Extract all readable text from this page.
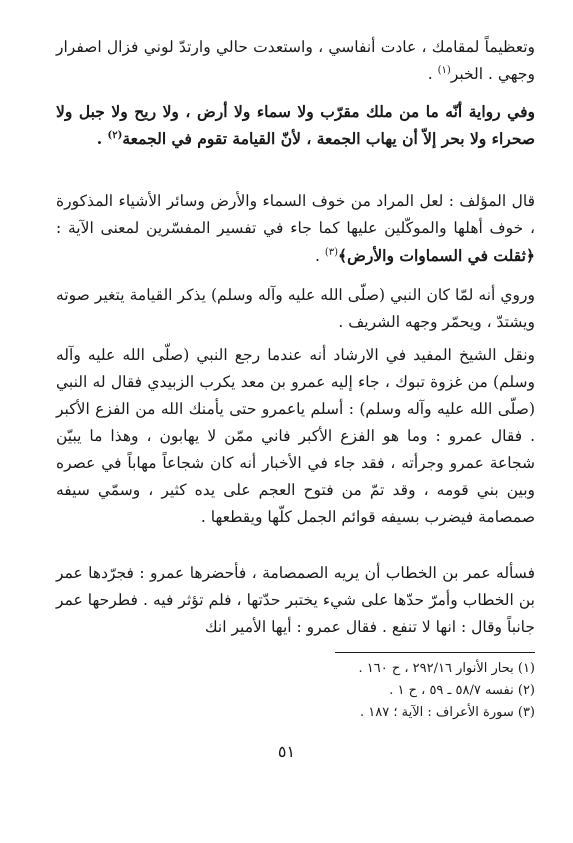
وتعظيماً لمقامك ، عادت أنفاسي ، واستعدت حالي وارتدّ لوني فزال اصفرار وجهي . الخبر$^{(١)}$ .

وفي رواية أنّه ما من ملك مقرّب ولا سماء ولا أرض ، ولا ريح ولا جبل ولا صحراء ولا بحر إلاّ أن يهاب الجمعة ، لأنّ القيامة تقوم في الجمعة$^{(٢)}$ .

قال المؤلف : لعل المراد من خوف السماء والأرض وسائر الأشياء المذكورة ، خوف أهلها والموكّلين عليها كما جاء في تفسير المفسّرين لمعنى الآية : ﴿ثقلت في السماوات والأرض﴾$^{(٣)}$ .

وروي أنه لمّا كان النبي (صلّى الله عليه وآله وسلم) يذكر القيامة يتغير صوته ويشتدّ ، ويحمّر وجهه الشريف .

ونقل الشيخ المفيد في الارشاد أنه عندما رجع النبي (صلّى الله عليه وآله وسلم) من غزوة تبوك ، جاء إليه عمرو بن معد يكرب الزبيدي فقال له النبي (صلّى الله عليه وآله وسلم) : أسلم ياعمرو حتى يأمنك الله من الفزع الأكبر . فقال عمرو : وما هو الفزع الأكبر فاني ممّن لا يهابون ، وهذا ما يبيّن شجاعة عمرو وجرأته ، فقد جاء في الأخبار أنه كان شجاعاً مهاباً في عصره وبين بني قومه ، وقد تمّ من فتوح العجم على يده كثير ، وسمّي سيفه صمصامة فيضرب بسيفه قوائم الجمل كلّها ويقطعها .

فسأله عمر بن الخطاب أن يريه الصمصامة ، فأحضرها عمرو : فجرّدها عمر بن الخطاب وأمرّ حدّها على شيء يختبر حدّتها ، فلم تؤثر فيه . فطرحها عمر جانباً وقال : انها لا تنفع . فقال عمرو : أيها الأمير انك

(١) بحار الأنوار ٢٩٢/١٦ ، ح ١٦٠ .
(٢) نفسه ٥٨/٧ ـ ٥٩ ، ح ١ .
(٣) سورة الأعراف : الآية ؛ ١٨٧ .
٥١
